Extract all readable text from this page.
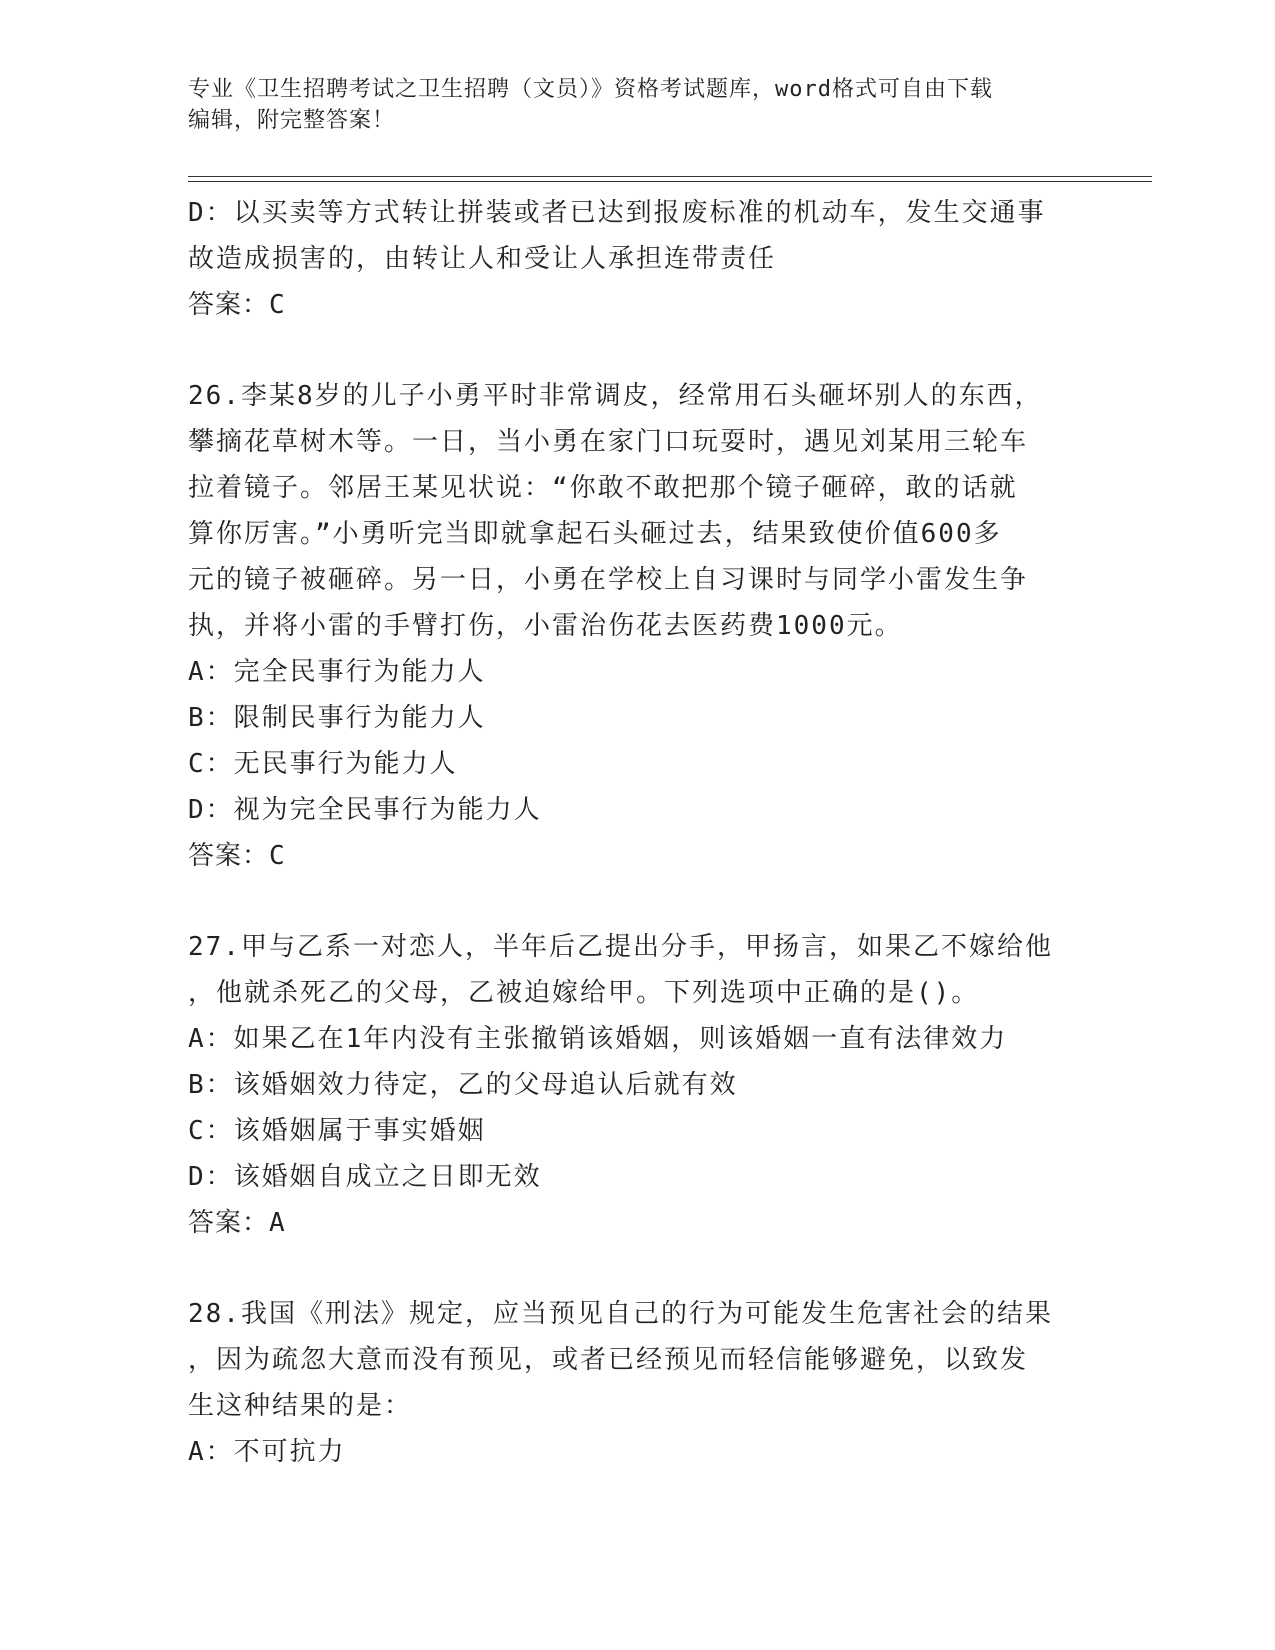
专业《卫生招聘考试之卫生招聘（文员）》资格考试题库，word格式可自由下载
编辑，附完整答案！

D：以买卖等方式转让拼装或者已达到报废标准的机动车，发生交通事

故造成损害的，由转让人和受让人承担连带责任

答案：C

26.李某8岁的儿子小勇平时非常调皮，经常用石头砸坏别人的东西，

攀摘花草树木等。一日，当小勇在家门口玩耍时，遇见刘某用三轮车

拉着镜子。邻居王某见状说：“你敢不敢把那个镜子砸碎，敢的话就

算你厉害。”小勇听完当即就拿起石头砸过去，结果致使价值600多

元的镜子被砸碎。另一日，小勇在学校上自习课时与同学小雷发生争

执，并将小雷的手臂打伤，小雷治伤花去医药费1000元。

A：完全民事行为能力人

B：限制民事行为能力人

C：无民事行为能力人

D：视为完全民事行为能力人

答案：C

27.甲与乙系一对恋人，半年后乙提出分手，甲扬言，如果乙不嫁给他

，他就杀死乙的父母，乙被迫嫁给甲。下列选项中正确的是()。

A：如果乙在1年内没有主张撤销该婚姻，则该婚姻一直有法律效力

B：该婚姻效力待定，乙的父母追认后就有效

C：该婚姻属于事实婚姻

D：该婚姻自成立之日即无效

答案：A

28.我国《刑法》规定，应当预见自己的行为可能发生危害社会的结果

，因为疏忽大意而没有预见，或者已经预见而轻信能够避免，以致发

生这种结果的是：

A：不可抗力
